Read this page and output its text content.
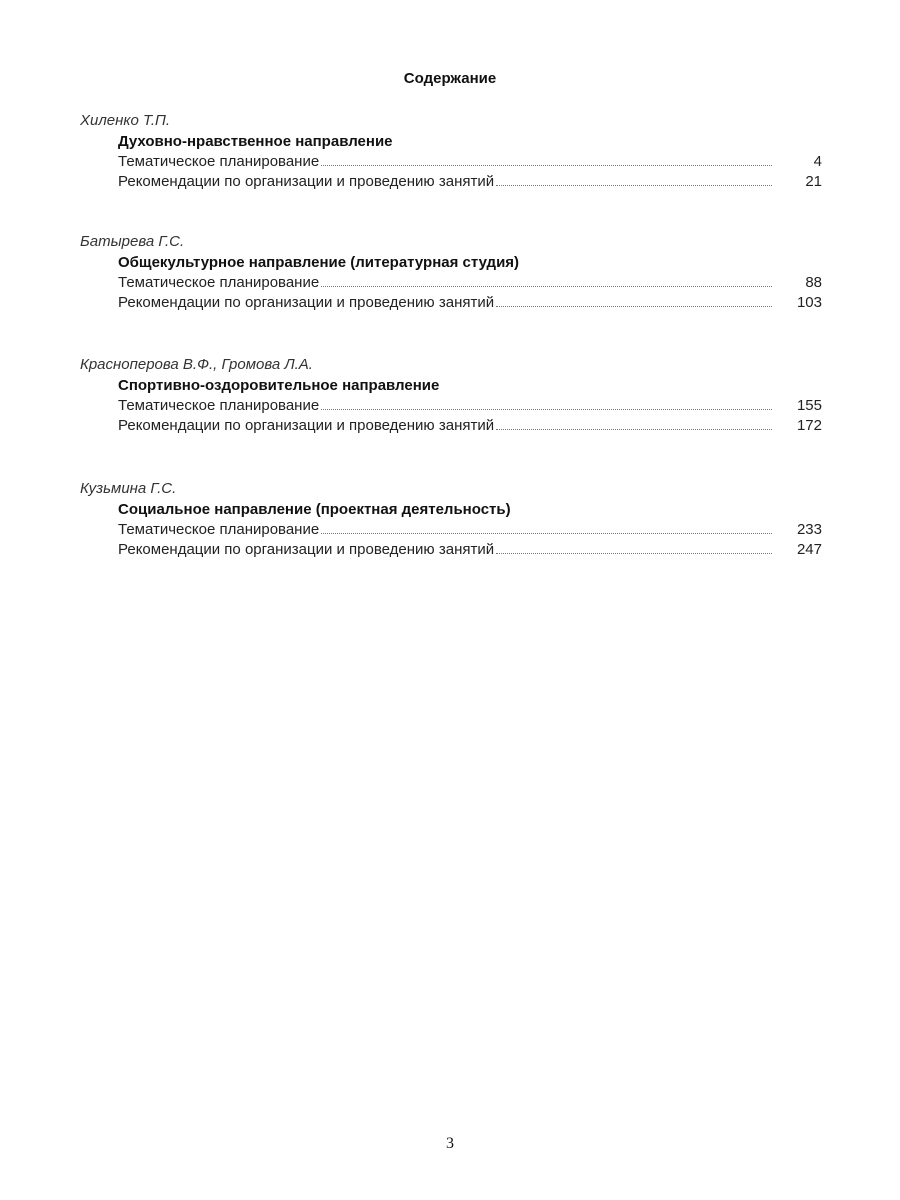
Содержание
Хиленко Т.П.
Духовно-нравственное направление
Тематическое планирование	4
Рекомендации по организации и проведению занятий	21
Батырева Г.С.
Общекультурное направление (литературная студия)
Тематическое планирование	88
Рекомендации по организации и проведению занятий	103
Красноперова В.Ф., Громова Л.А.
Спортивно-оздоровительное направление
Тематическое планирование	155
Рекомендации по организации и проведению занятий	172
Кузьмина Г.С.
Социальное направление (проектная деятельность)
Тематическое планирование	233
Рекомендации по организации и проведению занятий	247
3
